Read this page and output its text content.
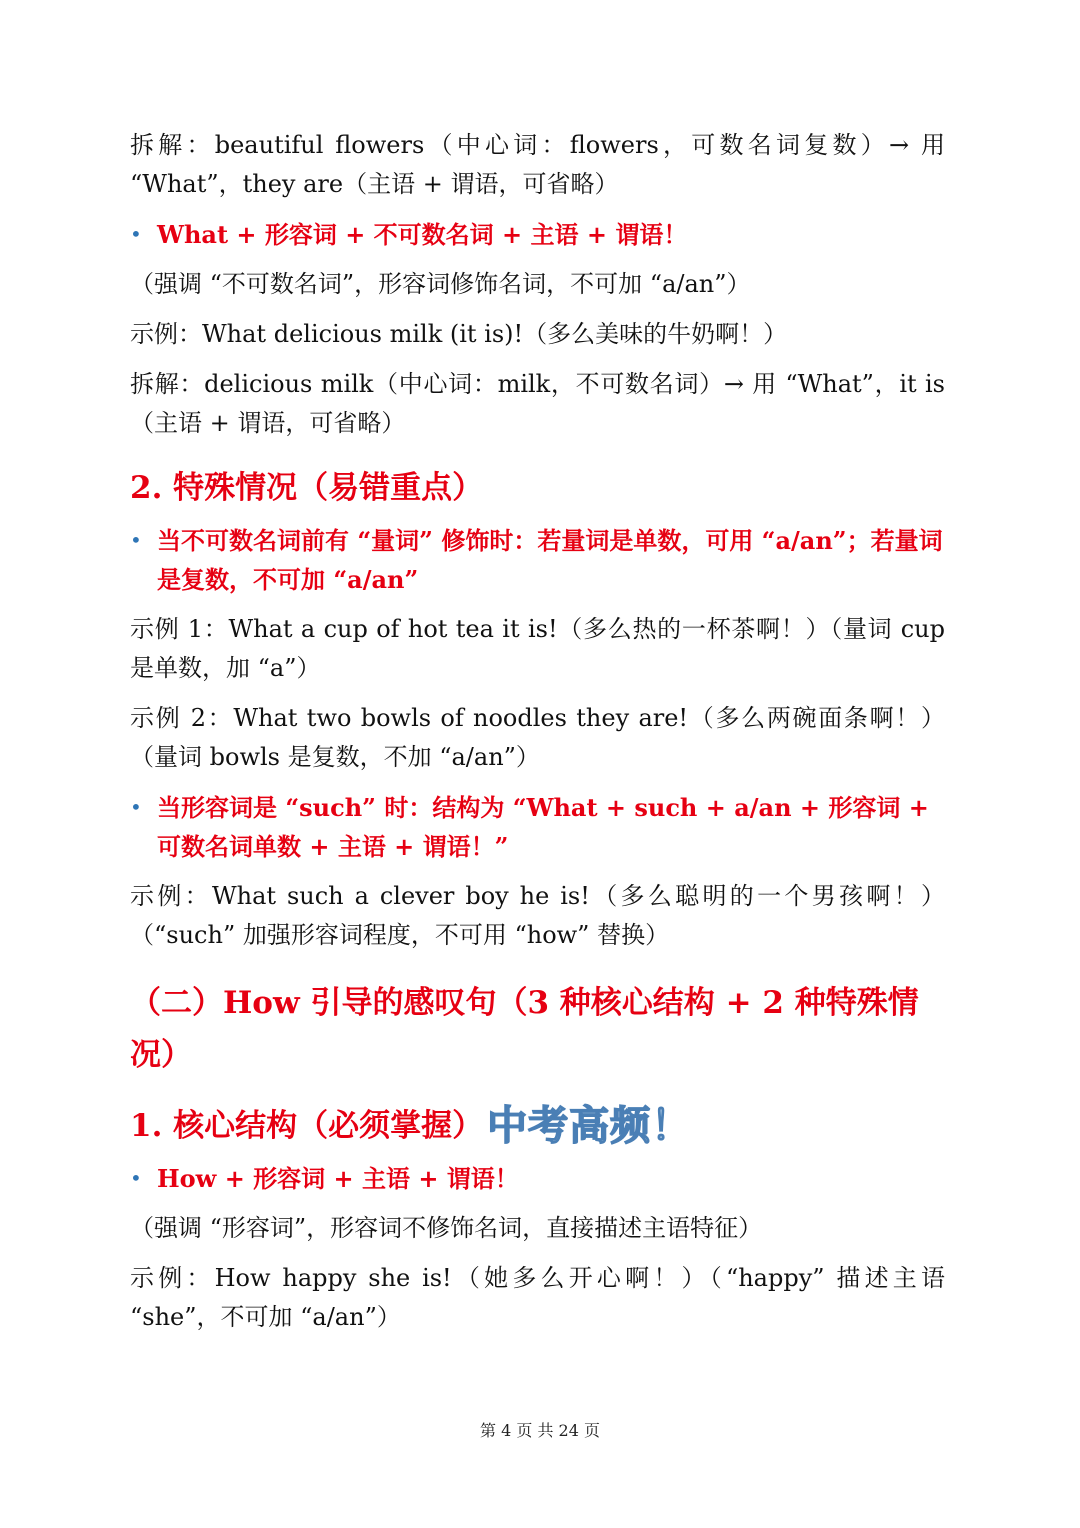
拆解：beautiful flowers（中心词：flowers，可数名词复数）→ 用 “What”，they are（主语 + 谓语，可省略）

• What + 形容词 + 不可数名词 + 主语 + 谓语！

（强调 “不可数名词”，形容词修饰名词，不可加 “a/an”）

示例：What delicious milk (it is)!（多么美味的牛奶啊！）

拆解：delicious milk（中心词：milk，不可数名词）→ 用 “What”，it is （主语 + 谓语，可省略）

2. 特殊情况（易错重点）
• 当不可数名词前有 “量词” 修饰时：若量词是单数，可用 “a/an”；若量词是复数，不可加 “a/an”

示例 1：What a cup of hot tea it is!（多么热的一杯茶啊！）（量词 cup 是单数，加 “a”）

示例 2：What two bowls of noodles they are!（多么两碗面条啊！）（量词 bowls 是复数，不加 “a/an”）

• 当形容词是 “such” 时：结构为 “What + such + a/an + 形容词 + 可数名词单数 + 主语 + 谓语！”

示例：What such a clever boy he is!（多么聪明的一个男孩啊！）（“such” 加强形容词程度，不可用 “how” 替换）

（二）How 引导的感叹句（3 种核心结构 + 2 种特殊情况）
1. 核心结构（必须掌握） 中考高频！
• How + 形容词 + 主语 + 谓语！

（强调 “形容词”，形容词不修饰名词，直接描述主语特征）

示例：How happy she is!（她多么开心啊！）（“happy” 描述主语 “she”，不可加 “a/an”）

第 4 页 共 24 页
